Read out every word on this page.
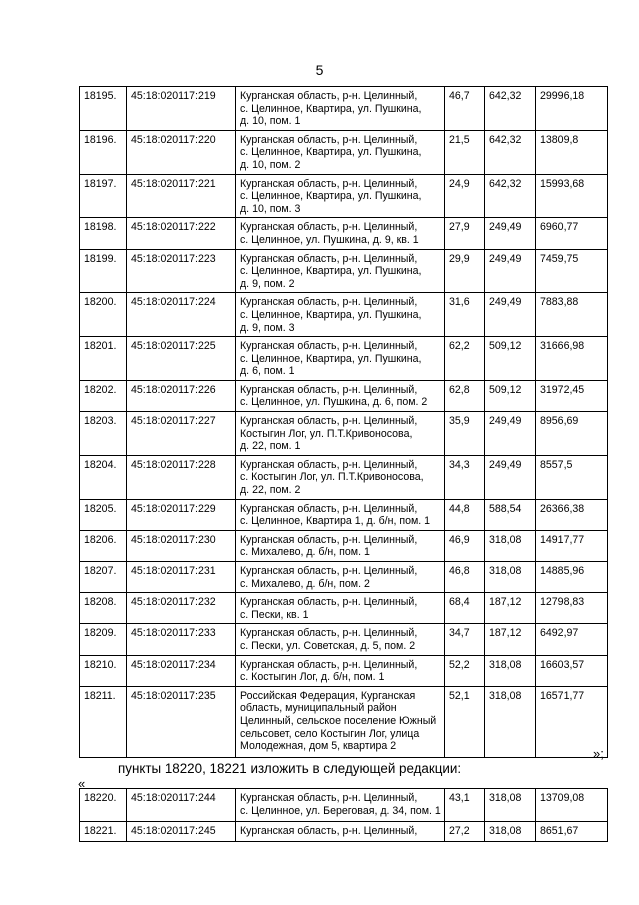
5
18195.	45:18:020117:219	Курганская область, р-н. Целинный,
с. Целинное, Квартира, ул. Пушкина,
д. 10, пом. 1	46,7	642,32	29996,18
18196.	45:18:020117:220	Курганская область, р-н. Целинный,
с. Целинное, Квартира, ул. Пушкина,
д. 10, пом. 2	21,5	642,32	13809,8
18197.	45:18:020117:221	Курганская область, р-н. Целинный,
с. Целинное, Квартира, ул. Пушкина,
д. 10, пом. 3	24,9	642,32	15993,68
18198.	45:18:020117:222	Курганская область, р-н. Целинный,
с. Целинное, ул. Пушкина, д. 9, кв. 1	27,9	249,49	6960,77
18199.	45:18:020117:223	Курганская область, р-н. Целинный,
с. Целинное, Квартира, ул. Пушкина,
д. 9, пом. 2	29,9	249,49	7459,75
18200.	45:18:020117:224	Курганская область, р-н. Целинный,
с. Целинное, Квартира, ул. Пушкина,
д. 9, пом. 3	31,6	249,49	7883,88
18201.	45:18:020117:225	Курганская область, р-н. Целинный,
с. Целинное, Квартира, ул. Пушкина,
д. 6, пом. 1	62,2	509,12	31666,98
18202.	45:18:020117:226	Курганская область, р-н. Целинный,
с. Целинное, ул. Пушкина, д. 6, пом. 2	62,8	509,12	31972,45
18203.	45:18:020117:227	Курганская область, р-н. Целинный,
Костыгин Лог, ул. П.Т.Кривоносова,
д. 22, пом. 1	35,9	249,49	8956,69
18204.	45:18:020117:228	Курганская область, р-н. Целинный,
с. Костыгин Лог, ул. П.Т.Кривоносова,
д. 22, пом. 2	34,3	249,49	8557,5
18205.	45:18:020117:229	Курганская область, р-н. Целинный,
с. Целинное, Квартира 1, д. б/н, пом. 1	44,8	588,54	26366,38
18206.	45:18:020117:230	Курганская область, р-н. Целинный,
с. Михалево, д. б/н, пом. 1	46,9	318,08	14917,77
18207.	45:18:020117:231	Курганская область, р-н. Целинный,
с. Михалево, д. б/н, пом. 2	46,8	318,08	14885,96
18208.	45:18:020117:232	Курганская область, р-н. Целинный,
с. Пески, кв. 1	68,4	187,12	12798,83
18209.	45:18:020117:233	Курганская область, р-н. Целинный,
с. Пески, ул. Советская, д. 5, пом. 2	34,7	187,12	6492,97
18210.	45:18:020117:234	Курганская область, р-н. Целинный,
с. Костыгин Лог, д. б/н, пом. 1	52,2	318,08	16603,57
18211.	45:18:020117:235	Российская Федерация, Курганская
область, муниципальный район
Целинный, сельское поселение Южный
сельсовет, село Костыгин Лог, улица
Молодежная, дом 5, квартира 2	52,1	318,08	16571,77
»;
пункты 18220, 18221 изложить в следующей редакции:
«
18220.	45:18:020117:244	Курганская область, р-н. Целинный,
с. Целинное, ул. Береговая, д. 34, пом. 1	43,1	318,08	13709,08
18221.	45:18:020117:245	Курганская область, р-н. Целинный,	27,2	318,08	8651,67
